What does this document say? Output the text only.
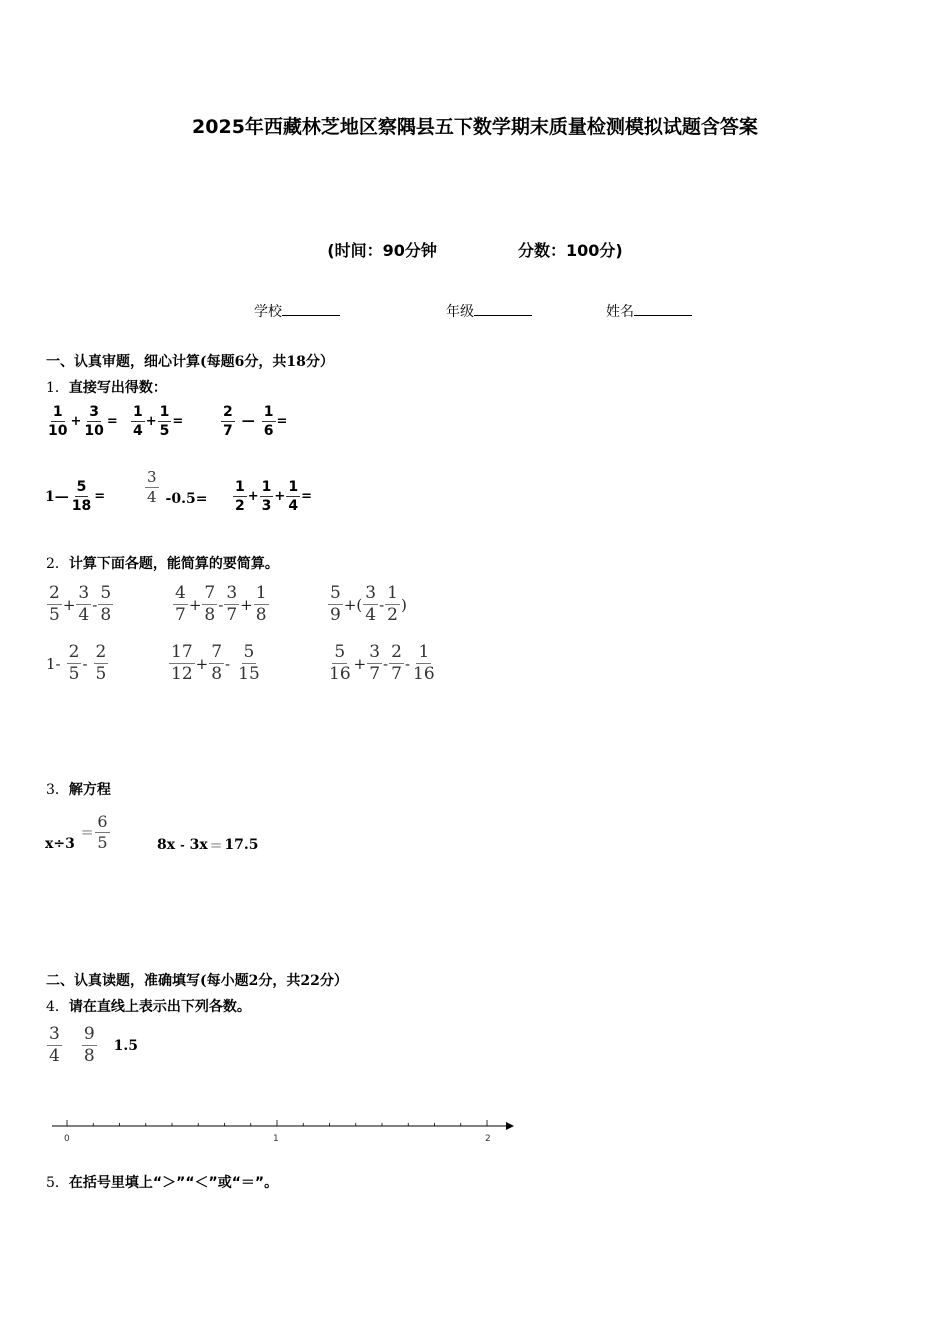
2025年西藏林芝地区察隅县五下数学期末质量检测模拟试题含答案
(时间：90分钟	分数：100分)
学校	年级	姓名
一、认真审题，细心计算(每题6分，共18分）
1．直接写出得数：
$\frac{1}{10} + \frac{3}{10} = \frac{1}{4} + \frac{1}{5}$ =	$\frac{2}{7}$ — $\frac{1}{6}$ =
1— $\frac{5}{18}$ =	$\frac{3}{4} -0.5= \frac{1}{2} + \frac{1}{3} + \frac{1}{4}$ =
2．计算下面各题，能简算的要简算。
$\frac{2}{5} + \frac{3}{4} - \frac{5}{8}$	$\frac{4}{7} + \frac{7}{8} - \frac{3}{7} + \frac{1}{8}$	$\frac{5}{9}$ +( $\frac{3}{4} - \frac{1}{2}$ )
$1- \frac{2}{5} - \frac{2}{5}$	$\frac{17}{12} + \frac{7}{8} - \frac{5}{15}$	$\frac{5}{16} + \frac{3}{7} - \frac{2}{7} - \frac{1}{16}$
3．解方程
x÷3
= $\frac{6}{5}$	8x - 3x = 17.5
二、认真读题，准确填写(每小题2分，共22分）
4．请在直线上表示出下列各数。
$\frac{3}{4} \frac{9}{8} 1.5$
0	1	2
5．在括号里填上“＞”“＜”或“＝”。
